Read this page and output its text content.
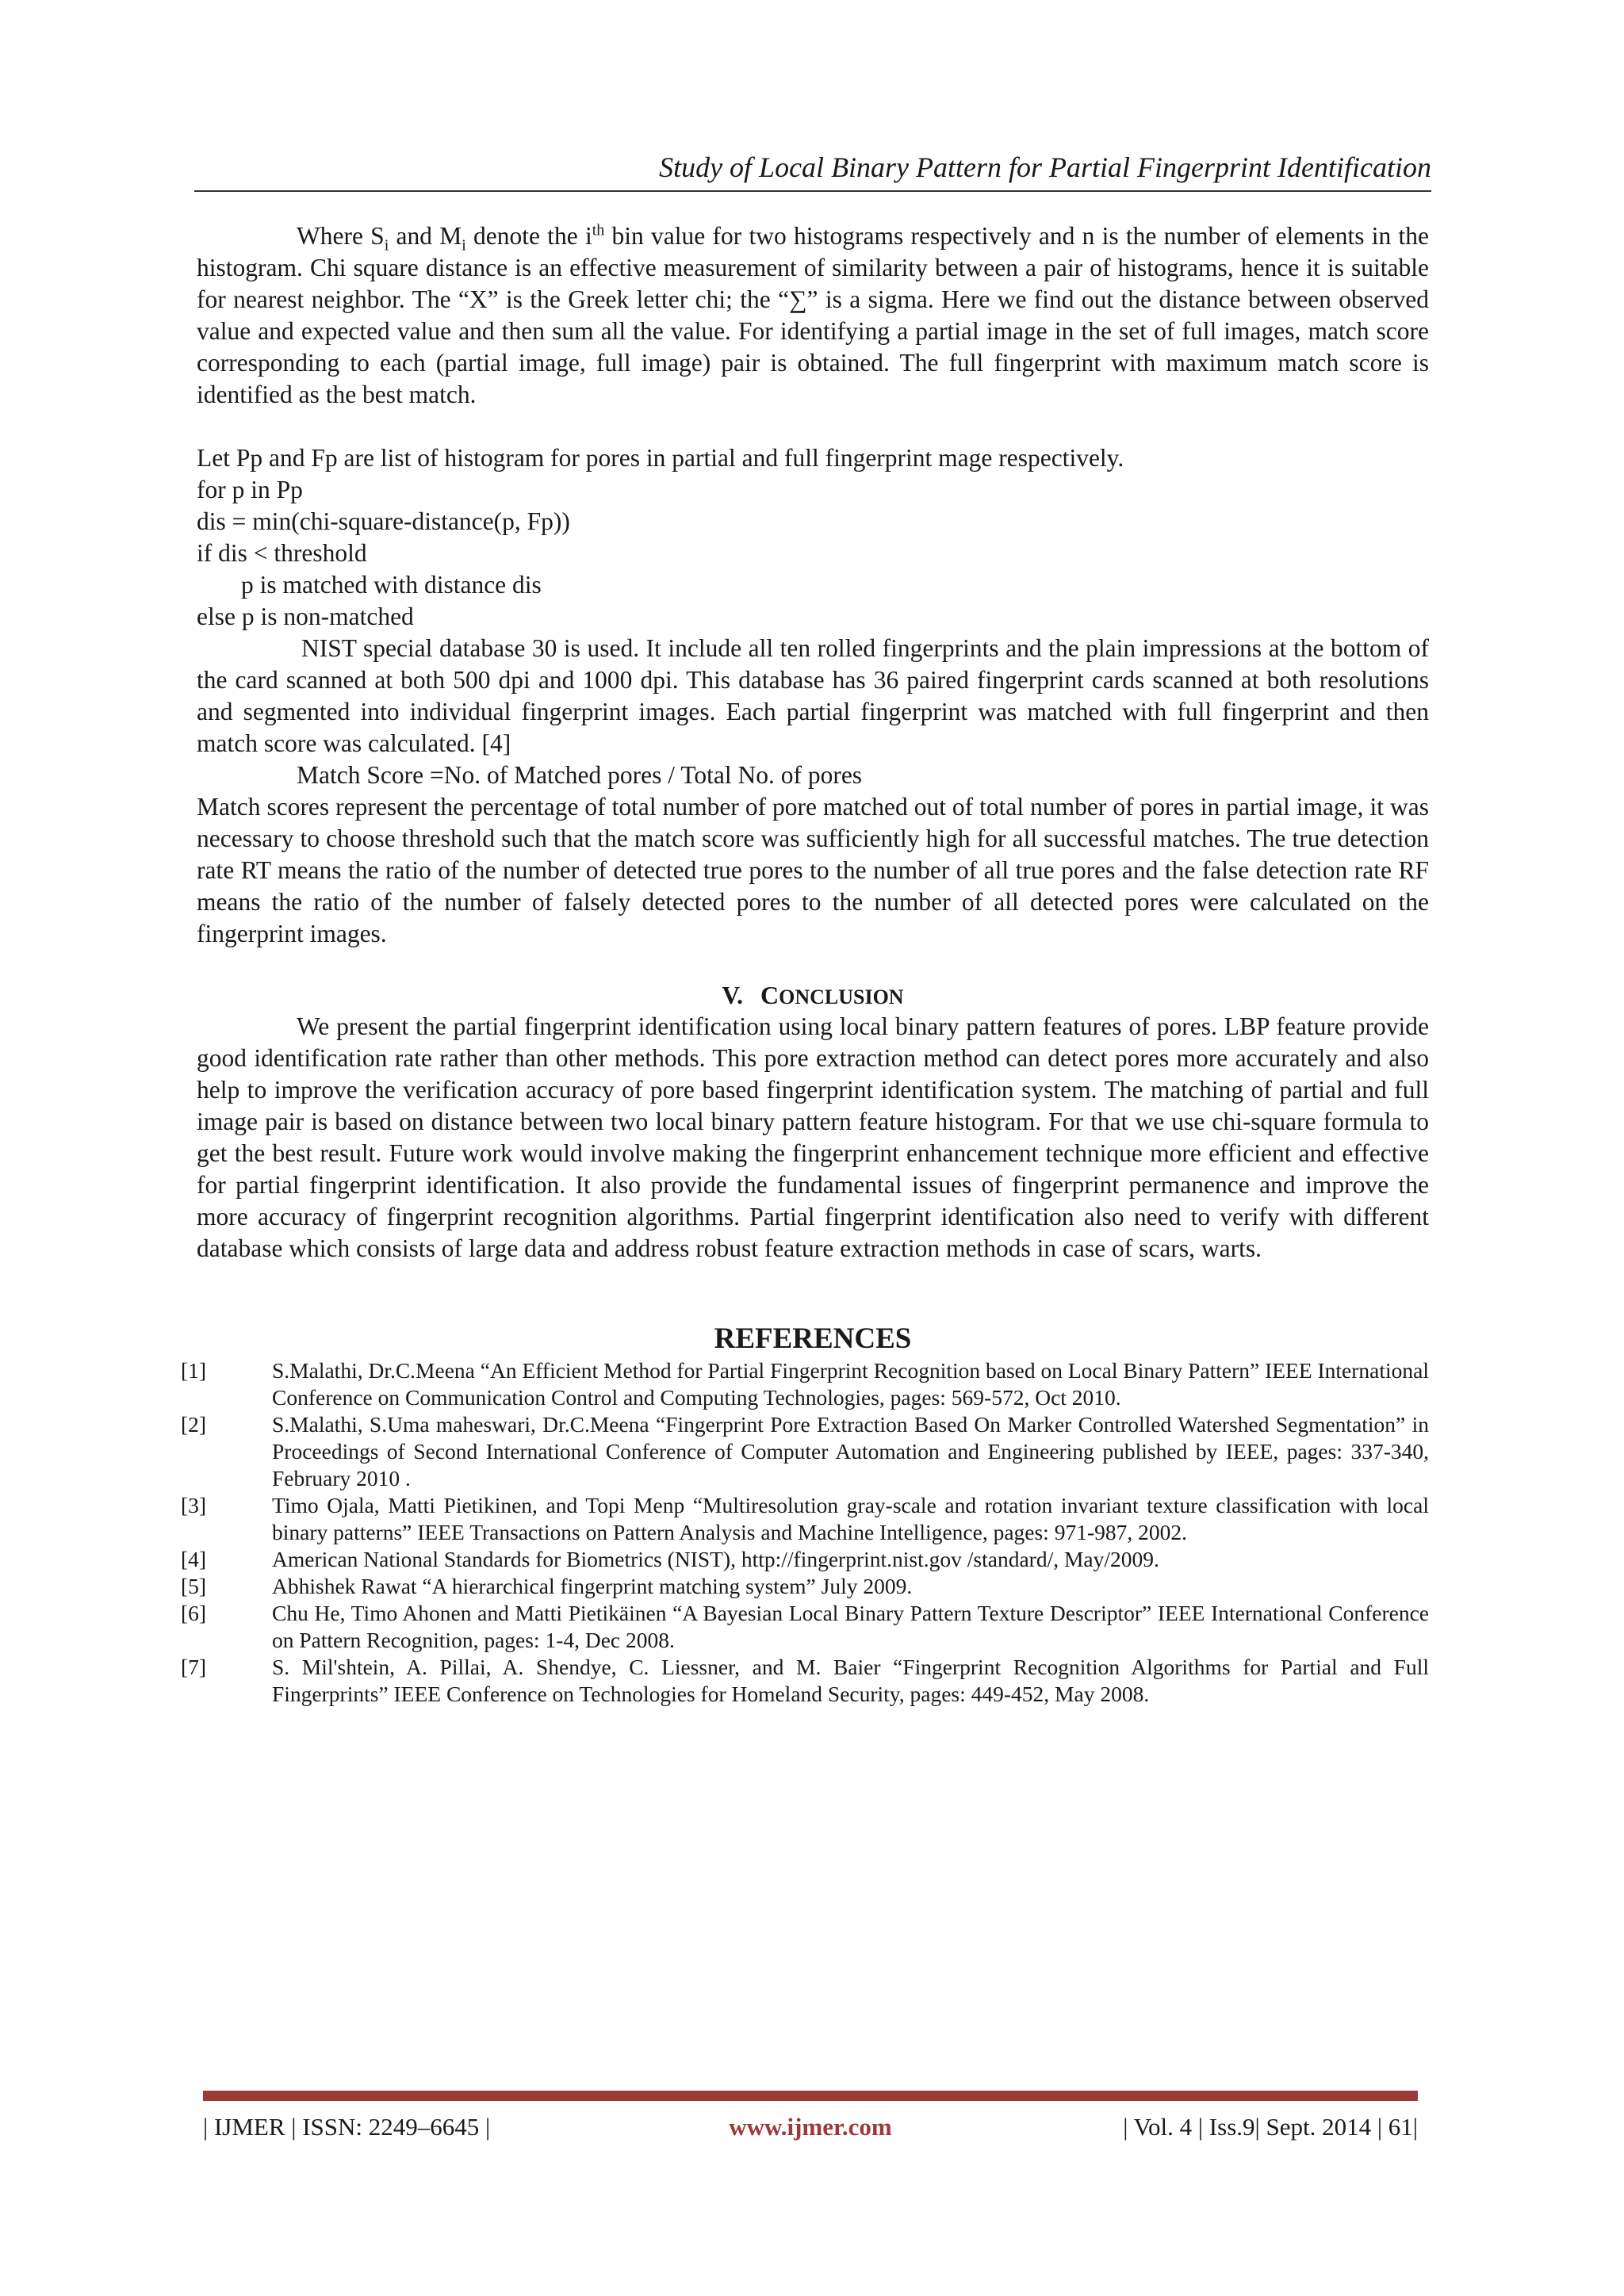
Study of Local Binary Pattern for Partial Fingerprint Identification

Where $S_i$ and $M_i$ denote the $i^{th}$ bin value for two histograms respectively and n is the number of elements in the histogram. Chi square distance is an effective measurement of similarity between a pair of histograms, hence it is suitable for nearest neighbor. The “X” is the Greek letter chi; the “∑” is a sigma. Here we find out the distance between observed value and expected value and then sum all the value. For identifying a partial image in the set of full images, match score corresponding to each (partial image, full image) pair is obtained. The full fingerprint with maximum match score is identified as the best match.

Let Pp and Fp are list of histogram for pores in partial and full fingerprint mage respectively.

for p in Pp

dis = min(chi-square-distance(p, Fp))

if dis < threshold

p is matched with distance dis

else p is non-matched

NIST special database 30 is used. It include all ten rolled fingerprints and the plain impressions at the bottom of the card scanned at both 500 dpi and 1000 dpi. This database has 36 paired fingerprint cards scanned at both resolutions and segmented into individual fingerprint images. Each partial fingerprint was matched with full fingerprint and then match score was calculated. [4]

Match Score =No. of Matched pores / Total No. of pores

Match scores represent the percentage of total number of pore matched out of total number of pores in partial image, it was necessary to choose threshold such that the match score was sufficiently high for all successful matches. The true detection rate RT means the ratio of the number of detected true pores to the number of all true pores and the false detection rate RF means the ratio of the number of falsely detected pores to the number of all detected pores were calculated on the fingerprint images.

V. CONCLUSION

We present the partial fingerprint identification using local binary pattern features of pores. LBP feature provide good identification rate rather than other methods. This pore extraction method can detect pores more accurately and also help to improve the verification accuracy of pore based fingerprint identification system. The matching of partial and full image pair is based on distance between two local binary pattern feature histogram. For that we use chi-square formula to get the best result. Future work would involve making the fingerprint enhancement technique more efficient and effective for partial fingerprint identification. It also provide the fundamental issues of fingerprint permanence and improve the more accuracy of fingerprint recognition algorithms. Partial fingerprint identification also need to verify with different database which consists of large data and address robust feature extraction methods in case of scars, warts.

REFERENCES
[1]	S.Malathi, Dr.C.Meena “An Efficient Method for Partial Fingerprint Recognition based on Local Binary Pattern” IEEE International Conference on Communication Control and Computing Technologies, pages: 569-572, Oct 2010.
[2]	S.Malathi, S.Uma maheswari, Dr.C.Meena “Fingerprint Pore Extraction Based On Marker Controlled Watershed Segmentation” in Proceedings of Second International Conference of Computer Automation and Engineering published by IEEE, pages: 337-340, February 2010 .
[3]	Timo Ojala, Matti Pietikinen, and Topi Menp “Multiresolution gray-scale and rotation invariant texture classification with local binary patterns” IEEE Transactions on Pattern Analysis and Machine Intelligence, pages: 971-987, 2002.
[4]	American National Standards for Biometrics (NIST), http://fingerprint.nist.gov /standard/, May/2009.
[5]	Abhishek Rawat “A hierarchical fingerprint matching system” July 2009.
[6]	Chu He, Timo Ahonen and Matti Pietikäinen “A Bayesian Local Binary Pattern Texture Descriptor” IEEE International Conference on Pattern Recognition, pages: 1-4, Dec 2008.
[7]	S. Mil'shtein, A. Pillai, A. Shendye, C. Liessner, and M. Baier “Fingerprint Recognition Algorithms for Partial and Full Fingerprints” IEEE Conference on Technologies for Homeland Security, pages: 449-452, May 2008.
| IJMER | ISSN: 2249–6645 |	www.ijmer.com	| Vol. 4 | Iss.9| Sept. 2014 | 61|
